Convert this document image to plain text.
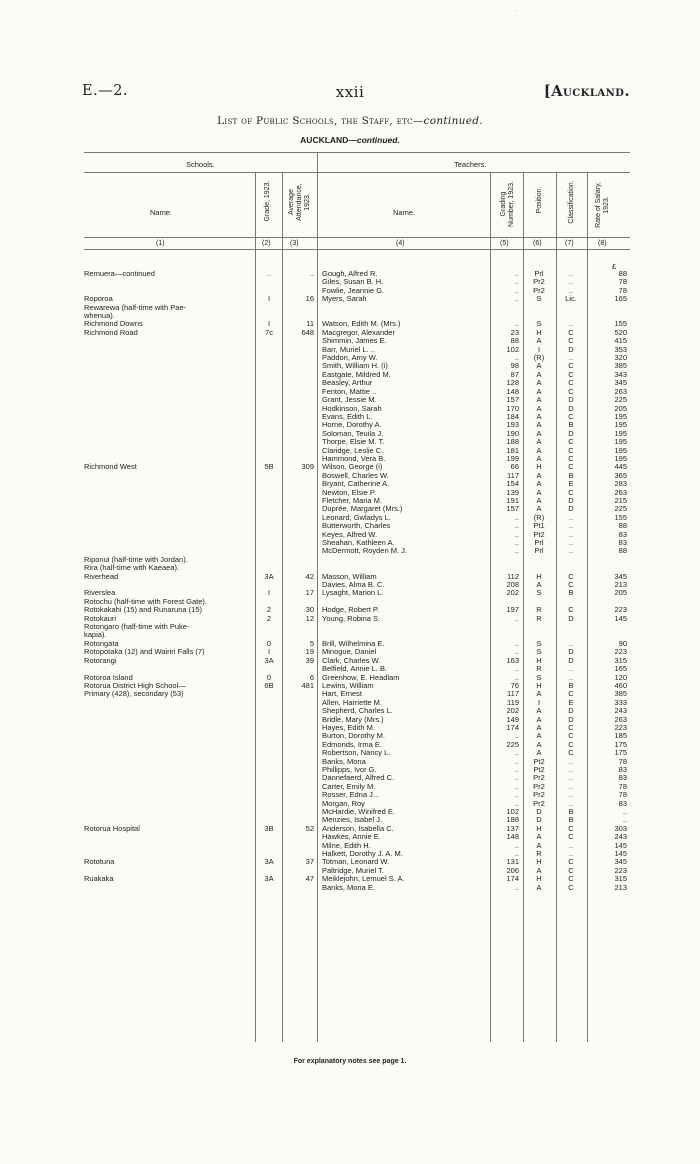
·
E.—2.	xxii	[Auckland.
List of Public Schools, the Staff, etc—continued.
AUCKLAND—continued.
Schools.	Teachers.
Name.	Grade, 1923. Average Attendance, 1923.
Name.	Grading Number, 1923.	Position.	Classification.	Rate of Salary, 1923.
(1)	(2)	(3)	(4)	(5)	(6)	(7)	(8)
£
Remuera—continued	..	.. Gough, Alfred R.	..	Prl	..	88
Giles, Susan B. H.	..	Pr2	..	78
Fowlie, Jeannie G.	..	Pr2	..	78
Roporoa	I	16 Myers, Sarah	..	S	Lic.	165
Rewarewa (half-time with Pae-
whenua).
Richmond Downs	I	11 Watson, Edith M. (Mrs.)	..	S	..	155
Richmond Road	7c	648 Macgregor, Alexander	23	H	C	520
Shimmin, James E.	88	A	C	415
Barr, Muriel L. ..	102	I	D	353
Paddon, Amy W.	..	(R)	..	320
Smith, William H. (i)	98	A	C	385
Eastgate, Mildred M.	87	A	C	343
Beasley, Arthur	128	A	C	345
Fenton, Mattie ..	148	A	C	263
Grant, Jessie M.	157	A	D	225
Hodkinson, Sarah	170	A	D	205
Evans, Edith L.	184	A	C	195
Horne, Dorothy A.	193	A	B	195
Soloman, Teuila J.	190	A	D	195
Thorpe, Elsie M. T.	188	A	C	195
Claridge, Leslie C.	181	A	C	195
Hammond, Vera B.	199	A	C	195
Richmond West	5B	309 Wilson, George (i)	66	H	C	445
Boswell, Charles W.	117	A	B	365
Bryant, Catherine A.	154	A	E	283
Newton, Elsie P.	139	A	C	263
Fletcher, Maria M.	191	A	D	215
Duprée, Margaret (Mrs.)	157	A	D	225
Leonard, Gwladys L.	..	(R)	..	155
Butterworth, Charles	..	Pt1	..	88
Keyes, Alfred W.	..	Pt2	..	83
Sheahan, Kathleen A.	..	Prl	..	83
McDermott, Royden M. J.	..	Prl	..	88
Riponui (half-time with Jordan).
Rira (half-time with Kaeaea).
Riverhead	3A	42 Masson, William	112	H	C	345
Davies, Alma B. C.	208	A	C	213
Riverslea	I	17 Lysaght, Marion L.	202	S	B	205
Rotochu (half-time with Forest Gate).
Rotokakahi (15) and Runaruna (15)	2	30 Hodge, Robert P.	197	R	C	223
Rotokauri	2	12 Young, Robina S.	..	R	D	145
Rotongaro (half-time with Puke-
kapia).
Rotongata	0	5 Brill, Wilhelmina E.	..	S	..	90
Rotopotaka (12) and Wairiri Falls (7)	I	19 Minogue, Daniel	..	S	D	223
Rotorangi	3A	39 Clark, Charles W.	163	H	D	315
Belfield, Annie L. B.	..	R	..	165
Rotoroa Island	0	6 Greenhow, E. Headlam	..	S	..	120
Rotorua District High School—	6B	481 Lewins, William	76	H	B	460
Primary (428), secondary (53)	Hart, Ernest	117	A	C	385
Allen, Harriette M.	119	I	E	333
Shepherd, Charles L.	202	A	D	243
Bridle, Mary (Mrs.)	149	A	D	263
Hayes, Edith M.	174	A	C	223
Burton, Dorothy M.	..	A	C	185
Edmonds, Irma E.	225	A	C	175
Robertson, Nancy L.	..	A	C	175
Banks, Mona	..	Pt2	..	78
Phillipps, Ivor G.	..	Pt2	..	83
Dannefaerd, Alfred C.	..	Pr2	..	83
Carter, Emily M.	..	Pr2	..	78
Rosser, Edna J...	..	Pr2	..	78
Morgan, Roy	..	Pr2	..	83
McHardie, Winifred E.	102	D	B	..
Menzies, Isabel J.	188	D	B	..
Rotorua Hospital	3B	52 Anderson, Isabella C.	137	H	C	303
Hawkes, Annie E.	148	A	C	243
Milne, Edith H.	..	A	..	145
Halkett, Dorothy J. A. M.	..	R	..	145
Rototuna	3A	37 Totman, Leonard W.	131	H	C	345
Paltridge, Muriel T.	206	A	C	223
Ruakaka	3A	47 Meiklejohn, Lemuel S. A.	174	H	C	315
Banks, Mona E.	..	A	C	213
For explanatory notes see page 1.
